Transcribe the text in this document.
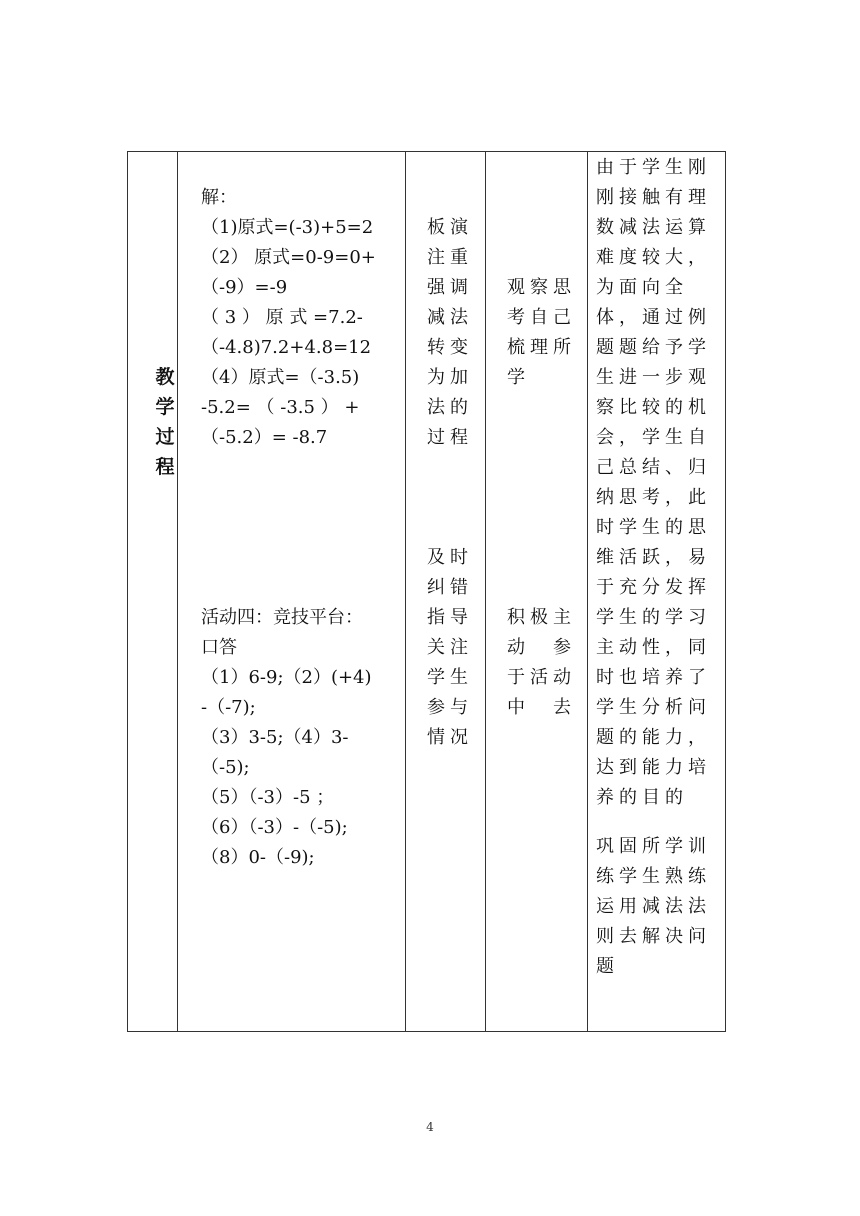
教学过程
解：
（1)原式=(-3)+5=2
（2） 原式=0-9=0+
（-9）=-9
（ 3 ） 原 式 =7.2-
（-4.8)7.2+4.8=12
（4）原式=（-3.5)
-5.2= （ -3.5 ） +
（-5.2）= -8.7
活动四：竞技平台：
口答
（1）6-9;（2）(+4)
-（-7);
（3）3-5;（4）3-
（-5);
（5）（-3）-5 ；
（6）（-3）-（-5);
（8）0-（-9);
板演注重强调减法转变为加法的过程
及时纠错指导关注学生参与情况
观察思考自己梳理所学
积极主动　参于活动中　去
由于学生刚刚接触有理数减法运算难度较大，为面向全体，通过例题题给予学生进一步观察比较的机会，学生自己总结、归纳思考，此时学生的思维活跃，易于充分发挥学生的学习主动性，同时也培养了学生分析问题的能力，达到能力培养的目的
巩固所学训练学生熟练运用减法法则去解决问题
4
